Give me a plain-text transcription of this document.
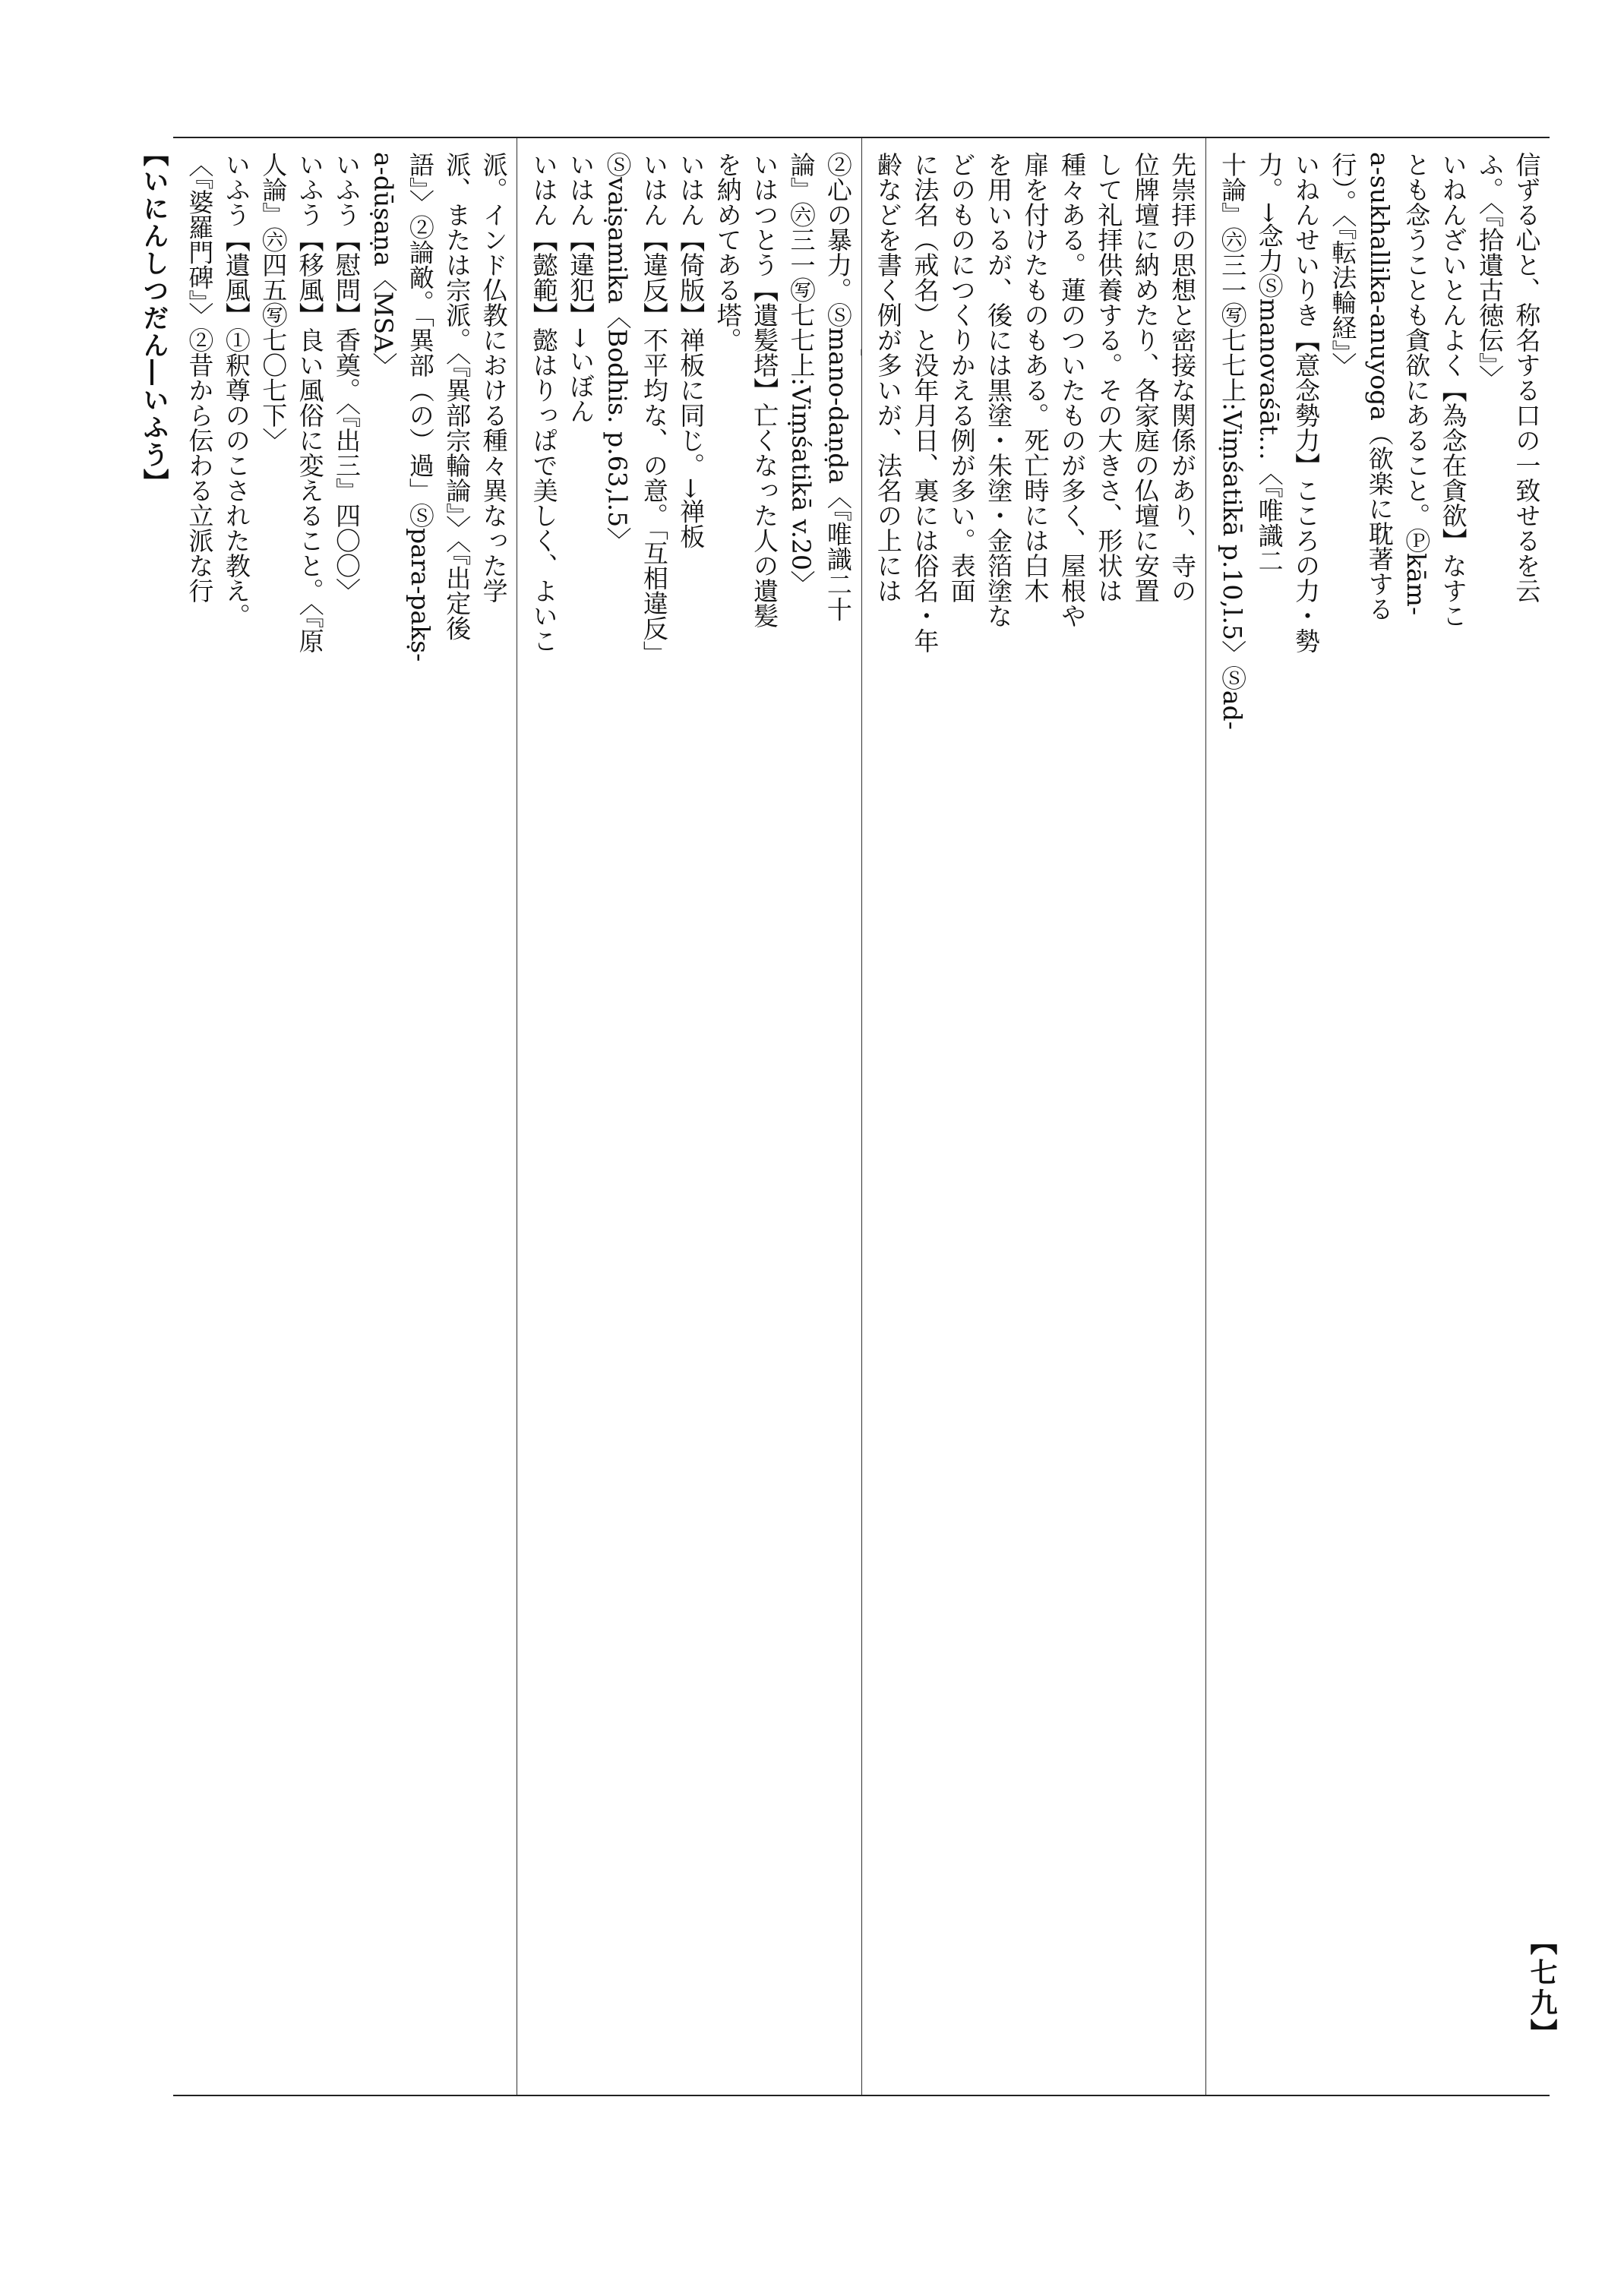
【いにんしつだん―いふう】
【七九】
信ずる心と、称名する口の一致せるを云
ふ。〈『拾遺古徳伝』〉
いねんざいとんよく【為念在貪欲】なすこ
とも念うことも貪欲にあること。Ⓟkām-
a-sukhallika-anuyoga（欲楽に耽著する
行）。〈『転法輪経』〉
いねんせいりき【意念勢力】こころの力・勢
力。→念力Ⓢmanovaśāt…〈『唯識二
十論』㊅三一㊢七七上:Viṃśatikā p.10,l.5〉Ⓢad-
先崇拝の思想と密接な関係があり、寺の
位牌壇に納めたり、各家庭の仏壇に安置
して礼拝供養する。その大きさ、形状は
種々ある。蓮のついたものが多く、屋根や
扉を付けたものもある。死亡時には白木
を用いるが、後には黒塗・朱塗・金箔塗な
どのものにつくりかえる例が多い。表面
に法名（戒名）と没年月日、裏には俗名・年
齢などを書く例が多いが、法名の上には
②心の暴力。Ⓢmano-daṇḍa〈『唯識二十
論』㊅三一㊢七七上:Viṃśatikā v.20〉
いはつとう【遺髪塔】亡くなった人の遺髪
を納めてある塔。
いはん【倚版】禅板に同じ。→禅板
いはん【違反】不平均な、の意。「互相違反」
Ⓢvaiṣamika〈Bodhis. p.63,l.5〉
いはん【違犯】→いぼん
いはん【懿範】懿はりっぱで美しく、よいこ
派。インド仏教における種々異なった学
派、または宗派。〈『異部宗輪論』〉〈『出定後
語』〉②論敵。「異部（の）過」Ⓢpara-pakṣ-
a-dūṣaṇa〈MSA〉
いふう【慰問】香奠。〈『出三』四〇〇〉
いふう【移風】良い風俗に変えること。〈『原
人論』㊅四五㊢七〇七下〉
いふう【遺風】①釈尊ののこされた教え。
〈『婆羅門碑』〉②昔から伝わる立派な行
